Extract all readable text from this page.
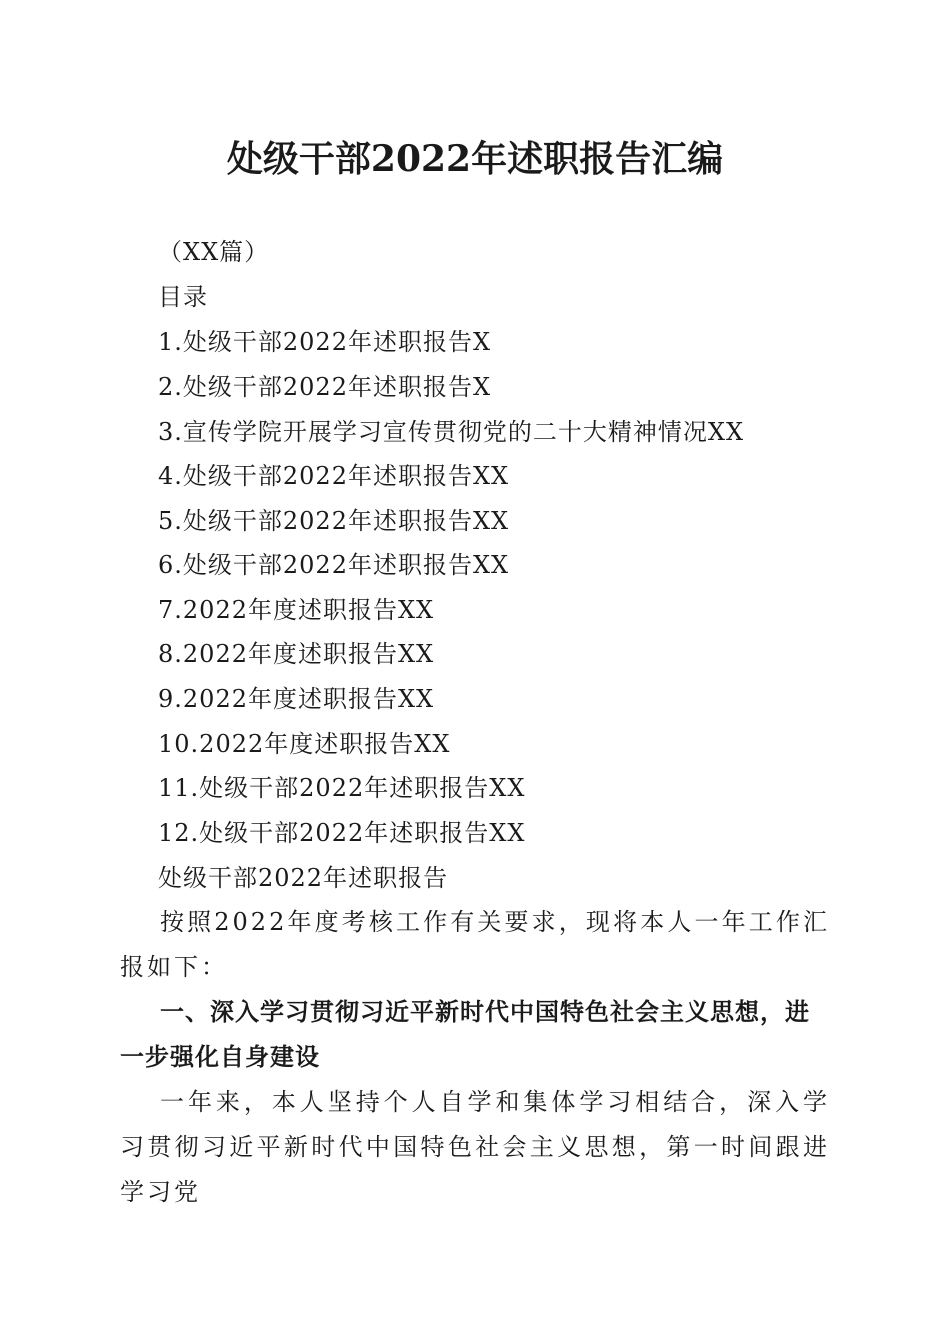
处级干部2022年述职报告汇编
（XX篇）
目录
1.处级干部2022年述职报告X
2.处级干部2022年述职报告X
3.宣传学院开展学习宣传贯彻党的二十大精神情况XX
4.处级干部2022年述职报告XX
5.处级干部2022年述职报告XX
6.处级干部2022年述职报告XX
7.2022年度述职报告XX
8.2022年度述职报告XX
9.2022年度述职报告XX
10.2022年度述职报告XX
11.处级干部2022年述职报告XX
12.处级干部2022年述职报告XX
处级干部2022年述职报告
按照2022年度考核工作有关要求，现将本人一年工作汇报如下：
一、深入学习贯彻习近平新时代中国特色社会主义思想，进一步强化自身建设
一年来，本人坚持个人自学和集体学习相结合，深入学习贯彻习近平新时代中国特色社会主义思想，第一时间跟进学习党
